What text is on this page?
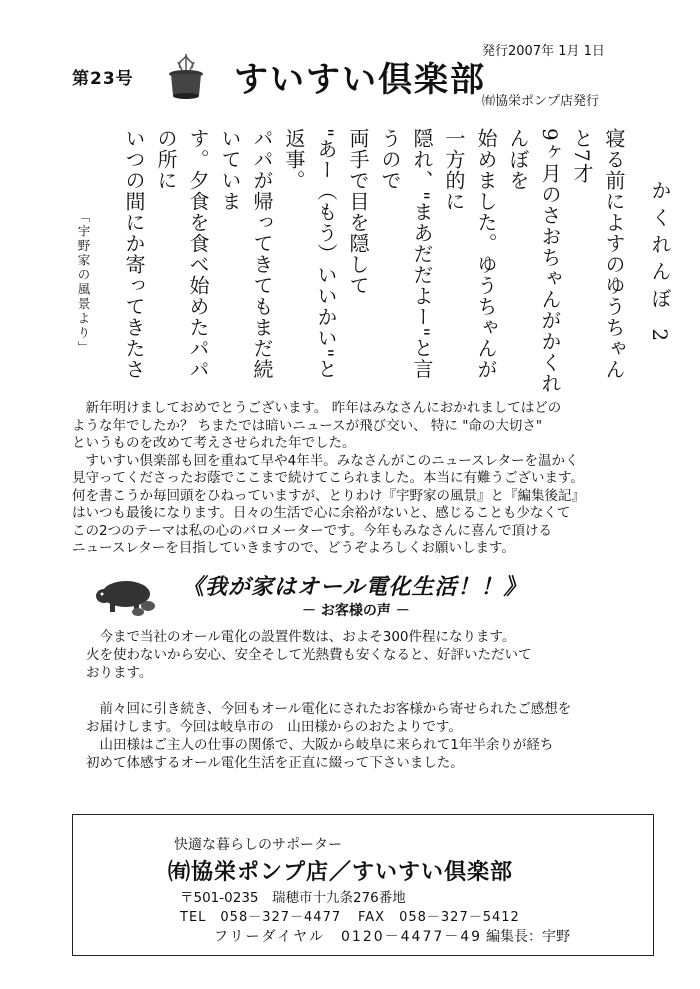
第23号	すいすい倶楽部
発行2007年 1月 1日
㈲協栄ポンプ店発行
かくれんぼ 2

寝る前によすのゆうちゃんと7才

9ヶ月のさおちゃんがかくれんぼを

始めました。ゆうちゃんが一方的に

隠れ、"まあだだよー"と言うので

両手で目を隠して

"あー（もう）いいかい"と返事。

パパが帰ってきてもまだ続いていま

す。夕食を食べ始めたパパの所に

いつの間にか寄ってきたさ

「宇野家の風景より」

　新年明けましておめでとうございます。 昨年はみなさんにおかれましてはどの

ような年でしたか？ ちまたでは暗いニュースが飛び交い、 特に "命の大切さ"

というものを改めて考えさせられた年でした。

　すいすい倶楽部も回を重ねて早や4年半。みなさんがこのニュースレターを温かく

見守ってくださったお蔭でここまで続けてこられました。本当に有難うございます。

何を書こうか毎回頭をひねっていますが、とりわけ『宇野家の風景』と『編集後記』

はいつも最後になります。日々の生活で心に余裕がないと、感じることも少なくて

この2つのテーマは私の心のバロメーターです。今年もみなさんに喜んで頂ける

ニュースレターを目指していきますので、どうぞよろしくお願いします。

《我が家はオール電化生活！！》
－ お客様の声 －

　今まで当社のオール電化の設置件数は、およそ300件程になります。

火を使わないから安心、安全そして光熱費も安くなると、好評いただいて

おります。

　前々回に引き続き、今回もオール電化にされたお客様から寄せられたご感想を

お届けします。今回は岐阜市の　山田様からのおたよりです。

　山田様はご主人の仕事の関係で、大阪から岐阜に来られて1年半余りが経ち

初めて体感するオール電化生活を正直に綴って下さいました。

快適な暮らしのサポーター
㈲協栄ポンプ店／すいすい倶楽部
〒501-0235　瑞穂市十九条276番地
TEL　058－327－4477 FAX　058－327－5412
フリーダイヤル　0120－4477－49 編集長：宇野
